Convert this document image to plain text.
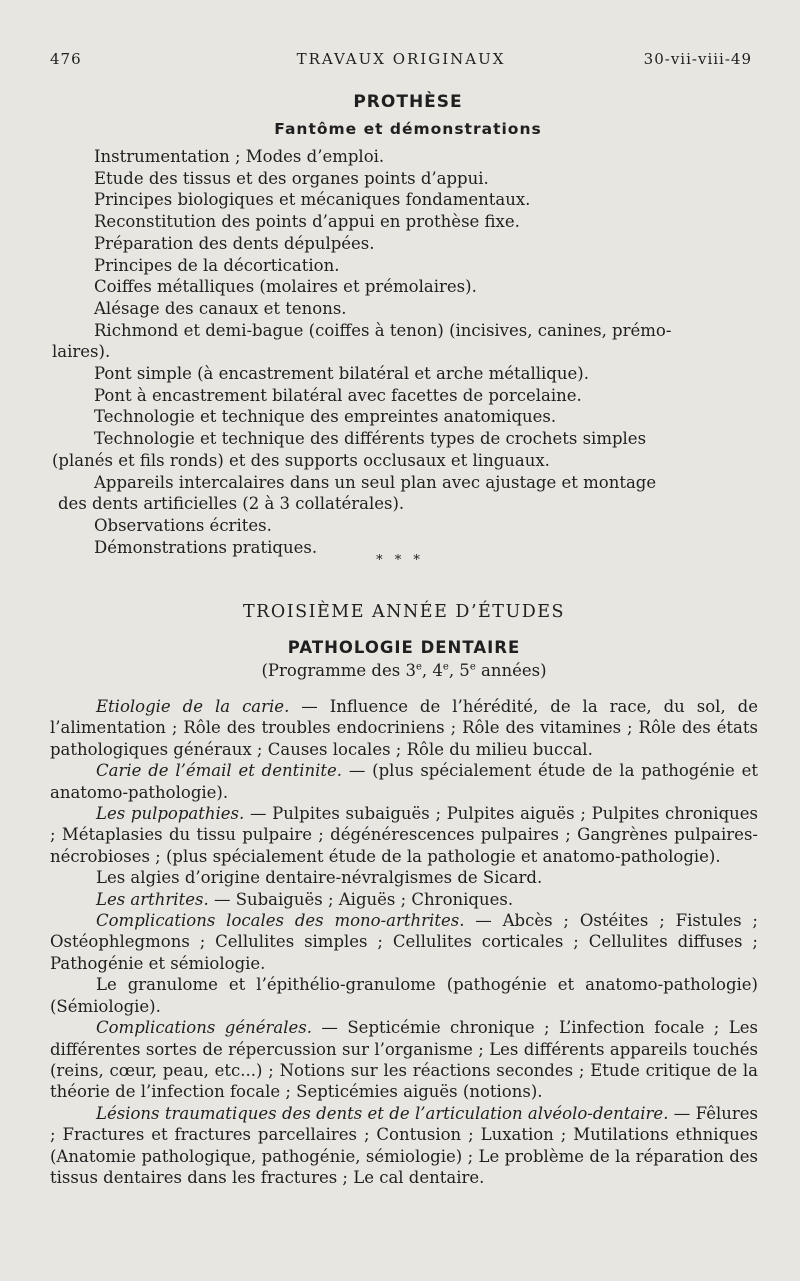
476	TRAVAUX ORIGINAUX	30-vii-viii-49
PROTHÈSE
Fantôme et démonstrations
Instrumentation ; Modes d’emploi.
Etude des tissus et des organes points d’appui.
Principes biologiques et mécaniques fondamentaux.
Reconstitution des points d’appui en prothèse fixe.
Préparation des dents dépulpées.
Principes de la décortication.
Coiffes métalliques (molaires et prémolaires).
Alésage des canaux et tenons.
Richmond et demi-bague (coiffes à tenon) (incisives, canines, prémo-
laires).
Pont simple (à encastrement bilatéral et arche métallique).
Pont à encastrement bilatéral avec facettes de porcelaine.
Technologie et technique des empreintes anatomiques.
Technologie et technique des différents types de crochets simples
(planés et fils ronds) et des supports occlusaux et linguaux.
Appareils intercalaires dans un seul plan avec ajustage et montage
des dents artificielles (2 à 3 collatérales).
Observations écrites.
Démonstrations pratiques.
* * *
TROISIÈME ANNÉE D’ÉTUDES
PATHOLOGIE DENTAIRE
(Programme des 3e, 4e, 5e années)
Etiologie de la carie. — Influence de l’hérédité, de la race, du sol, de l’alimentation ; Rôle des troubles endocriniens ; Rôle des vitamines ; Rôle des états pathologiques généraux ; Causes locales ; Rôle du milieu buccal.
Carie de l’émail et dentinite. — (plus spécialement étude de la pathogénie et anatomo-pathologie).
Les pulpopathies. — Pulpites subaiguës ; Pulpites aiguës ; Pulpites chroniques ; Métaplasies du tissu pulpaire ; dégénérescences pulpaires ; Gangrènes pulpaires-nécrobioses ; (plus spécialement étude de la pathologie et anatomo-pathologie).
Les algies d’origine dentaire-névralgismes de Sicard.
Les arthrites. — Subaiguës ; Aiguës ; Chroniques.
Complications locales des mono-arthrites. — Abcès ; Ostéites ; Fistules ; Ostéophlegmons ; Cellulites simples ; Cellulites corticales ; Cellulites diffuses ; Pathogénie et sémiologie.
Le granulome et l’épithélio-granulome (pathogénie et anatomo-pathologie) (Sémiologie).
Complications générales. — Septicémie chronique ; L’infection focale ; Les différentes sortes de répercussion sur l’organisme ; Les différents appareils touchés (reins, cœur, peau, etc...) ; Notions sur les réactions secondes ; Etude critique de la théorie de l’infection focale ; Septicémies aiguës (notions).
Lésions traumatiques des dents et de l’articulation alvéolo-dentaire. — Fêlures ; Fractures et fractures parcellaires ; Contusion ; Luxation ; Mutilations ethniques (Anatomie pathologique, pathogénie, sémiologie) ; Le problème de la réparation des tissus dentaires dans les fractures ; Le cal dentaire.
